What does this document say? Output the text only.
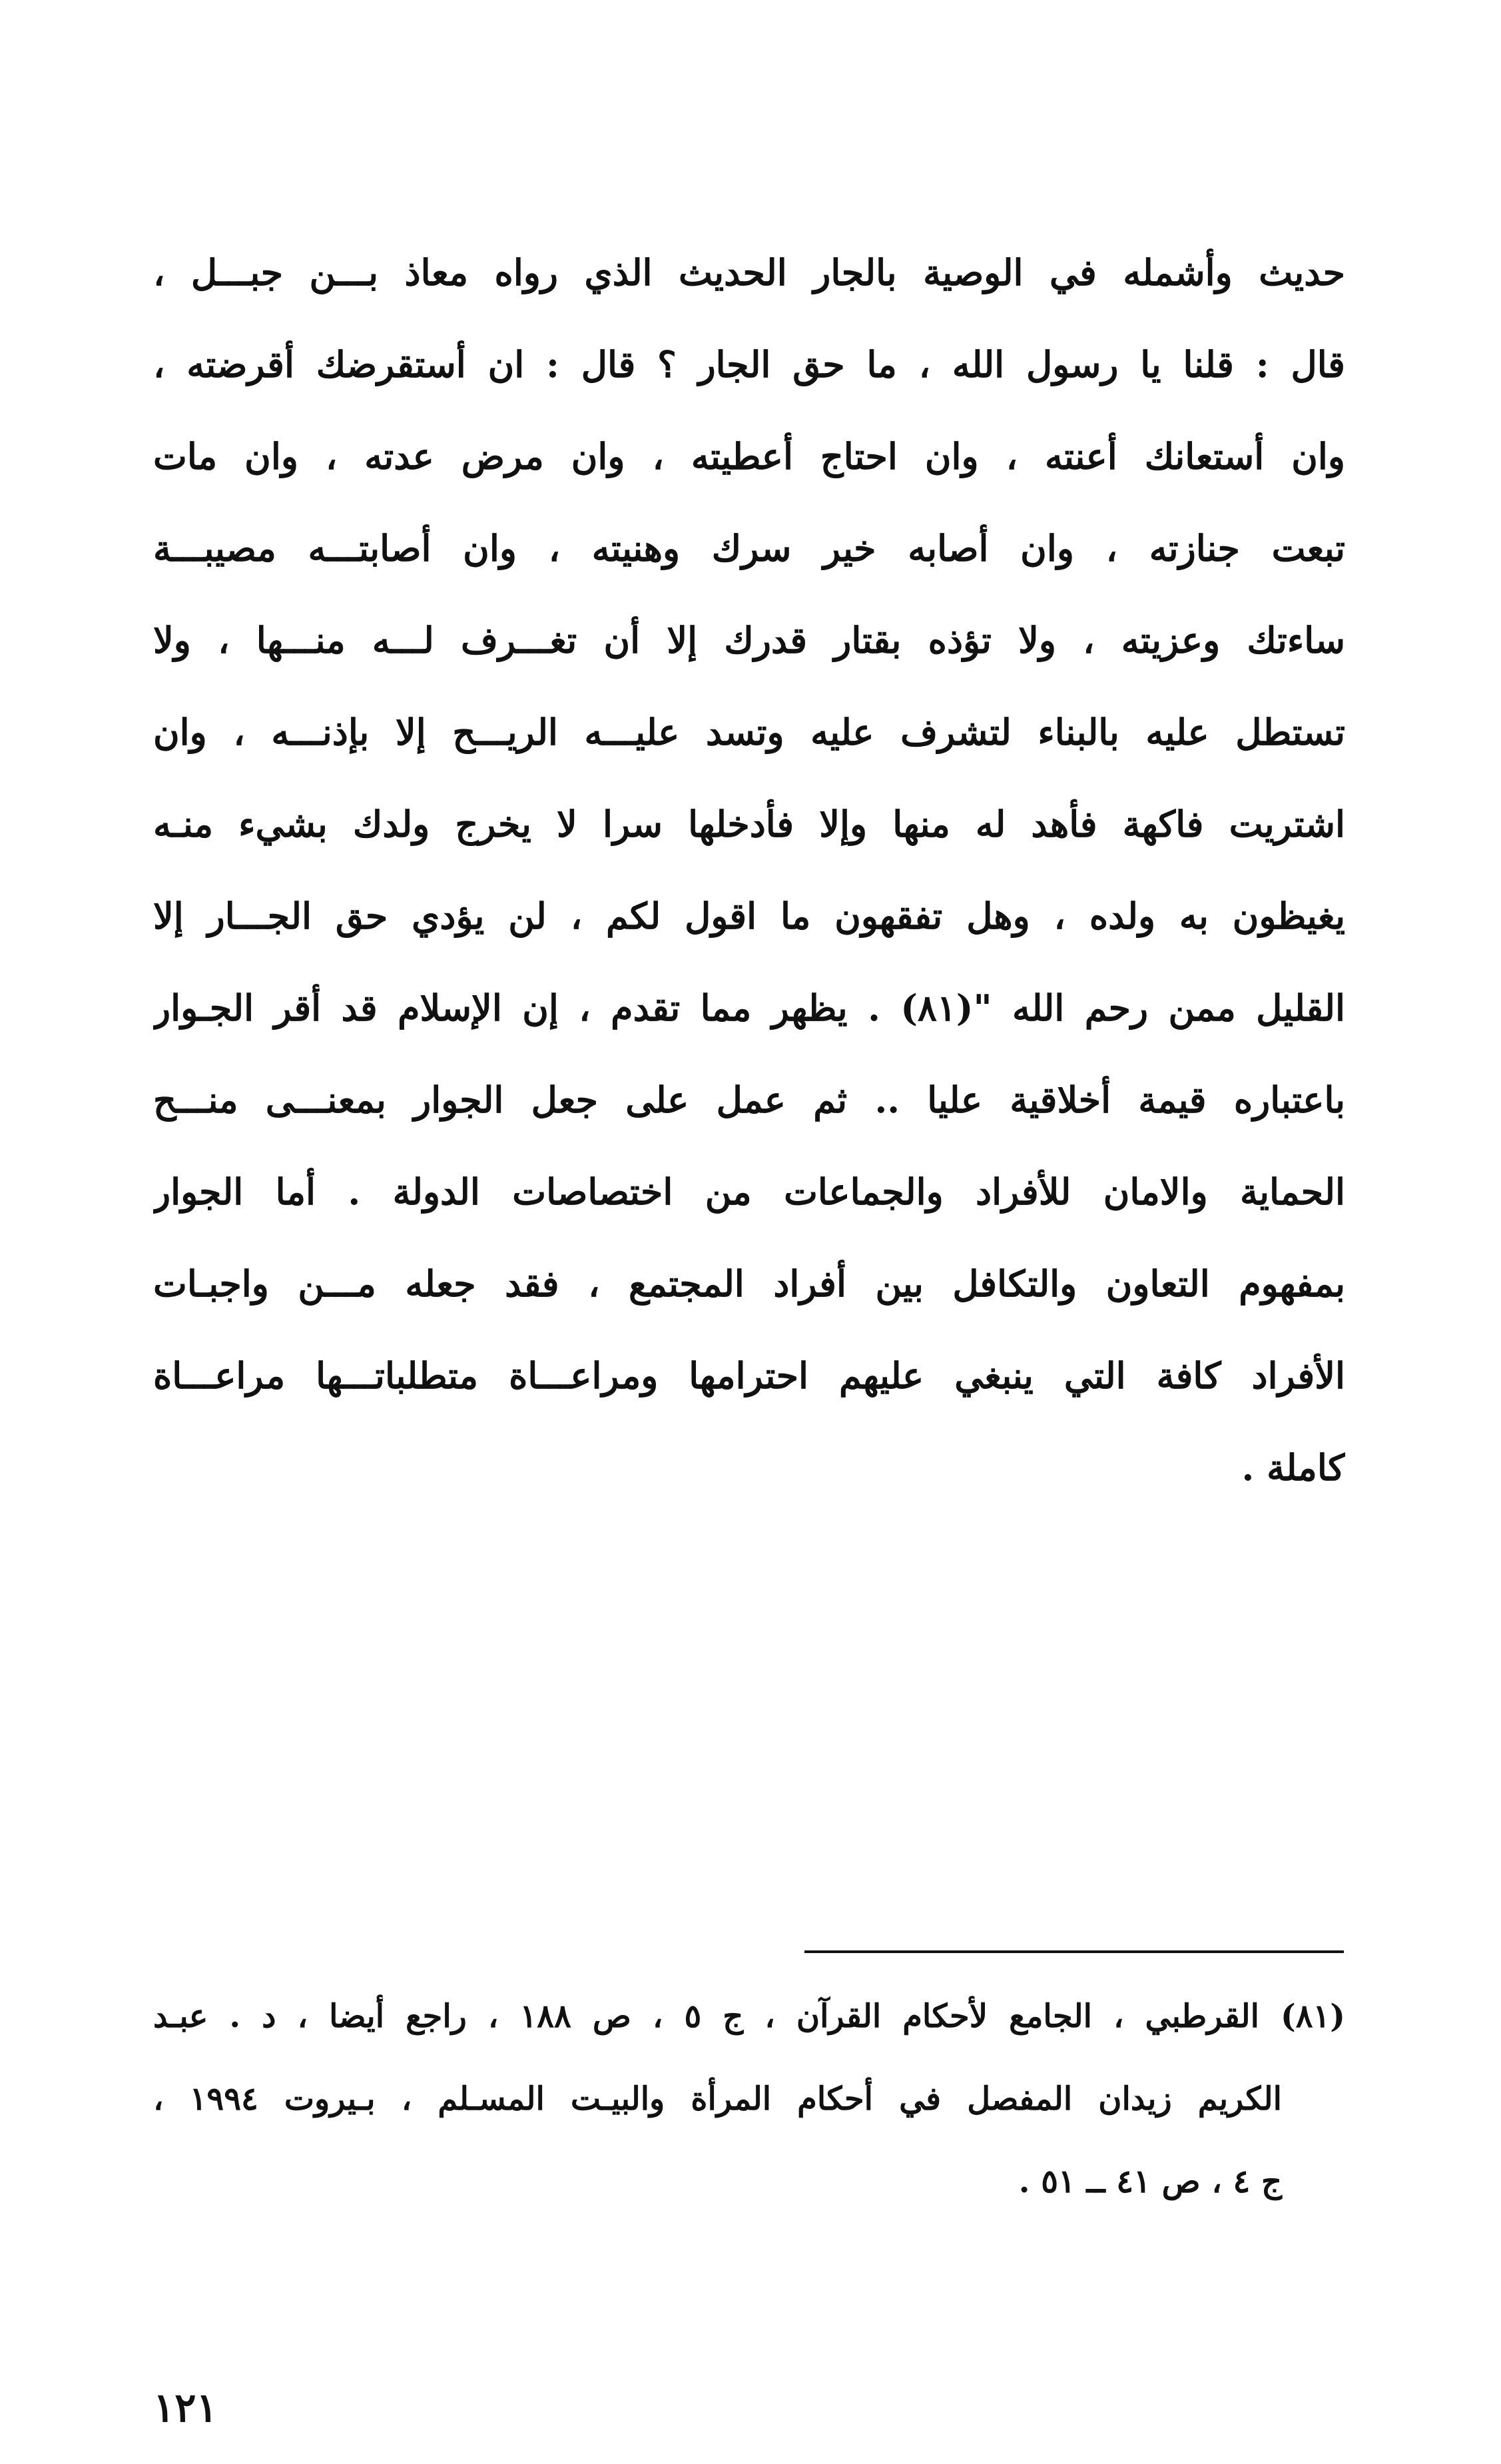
حديث وأشمله في الوصية بالجار الحديث الذي رواه معاذ بـــن جبـــل ،
قال : قلنا يا رسول الله ، ما حق الجار ؟ قال : ان أستقرضك أقرضته ،
وان أستعانك أعنته ، وان احتاج أعطيته ، وان مرض عدته ، وان مات
تبعت جنازته ، وان أصابه خير سرك وهنيته ، وان أصابتـــه مصيبـــة
ساءتك وعزيته ، ولا تؤذه بقتار قدرك إلا أن تغـــرف لـــه منـــها ، ولا
تستطل عليه بالبناء لتشرف عليه وتسد عليـــه الريـــح إلا بإذنـــه ، وان
اشتريت فاكهة فأهد له منها وإلا فأدخلها سرا لا يخرج ولدك بشيء منـه
يغيظون به ولده ، وهل تفقهون ما اقول لكم ، لن يؤدي حق الجـــار إلا
القليل ممن رحم الله "(٨١) . يظهر مما تقدم ، إن الإسلام قد أقر الجـوار
باعتباره قيمة أخلاقية عليا .. ثم عمل على جعل الجوار بمعنـــى منـــح
الحماية والامان للأفراد والجماعات من اختصاصات الدولة . أما الجوار
بمفهوم التعاون والتكافل بين أفراد المجتمع ، فقد جعله مـــن واجبـات
الأفراد كافة التي ينبغي عليهم احترامها ومراعـــاة متطلباتـــها مراعـــاة
كاملة .
(٨١) القرطبي ، الجامع لأحكام القرآن ، ج ٥ ، ص ١٨٨ ، راجع أيضا ، د . عبـد
الكريم زيدان المفصل في أحكام المرأة والبيـت المسـلم ، بـيروت ١٩٩٤ ،
ج ٤ ، ص ٤١ ــ ٥١ .
١٢١
